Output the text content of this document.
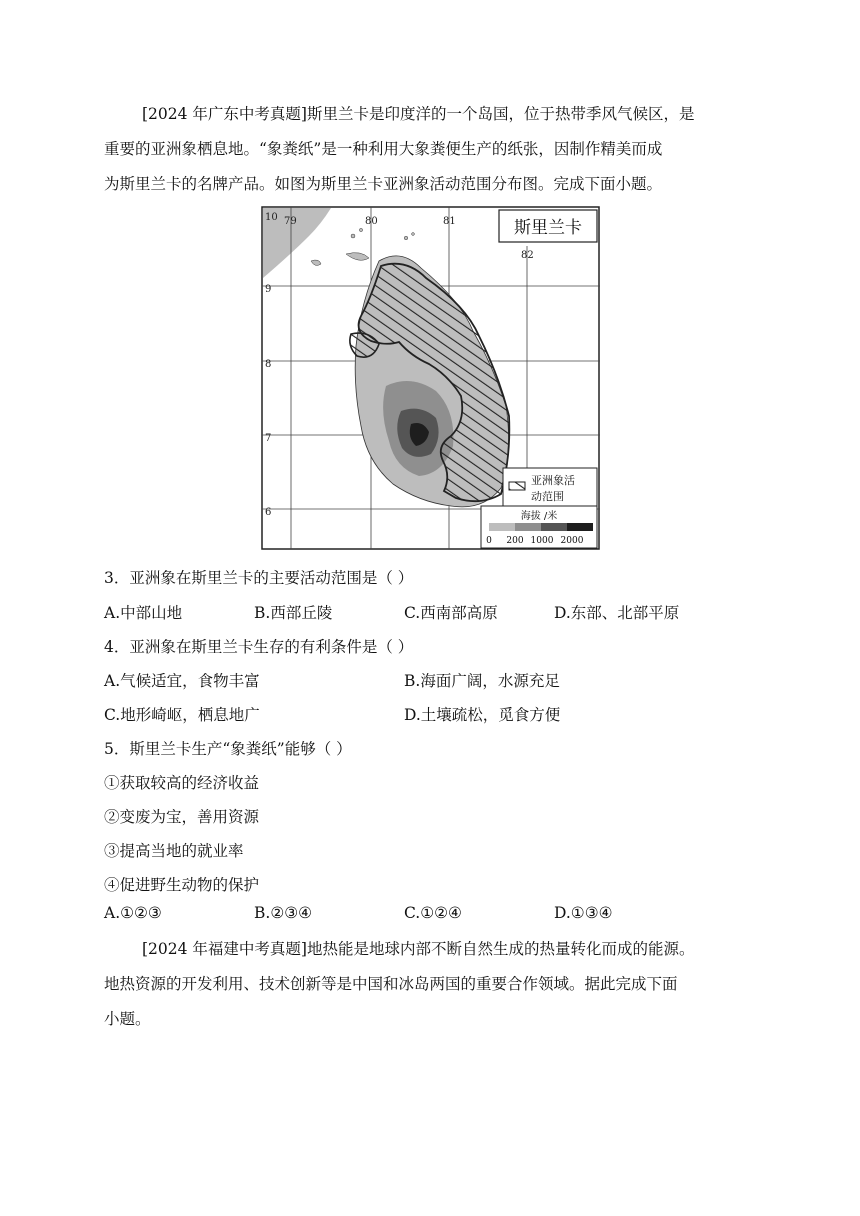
[2024 年广东中考真题]斯里兰卡是印度洋的一个岛国，位于热带季风气候区，是
重要的亚洲象栖息地。“象粪纸”是一种利用大象粪便生产的纸张，因制作精美而成
为斯里兰卡的名牌产品。如图为斯里兰卡亚洲象活动范围分布图。完成下面小题。
10 79	80	81
82
9
8
7
6
斯里兰卡
亚洲象活
动范围
海拔 /米
0 200 1000 2000
3．亚洲象在斯里兰卡的主要活动范围是（ ）
A.中部山地	B.西部丘陵	C.西南部高原	D.东部、北部平原
4．亚洲象在斯里兰卡生存的有利条件是（ ）
A.气候适宜，食物丰富	B.海面广阔，水源充足
C.地形崎岖，栖息地广	D.土壤疏松，觅食方便
5．斯里兰卡生产“象粪纸”能够（ ）
①获取较高的经济收益
②变废为宝，善用资源
③提高当地的就业率
④促进野生动物的保护
A.①②③	B.②③④	C.①②④	D.①③④
[2024 年福建中考真题]地热能是地球内部不断自然生成的热量转化而成的能源。
地热资源的开发利用、技术创新等是中国和冰岛两国的重要合作领域。据此完成下面
小题。
